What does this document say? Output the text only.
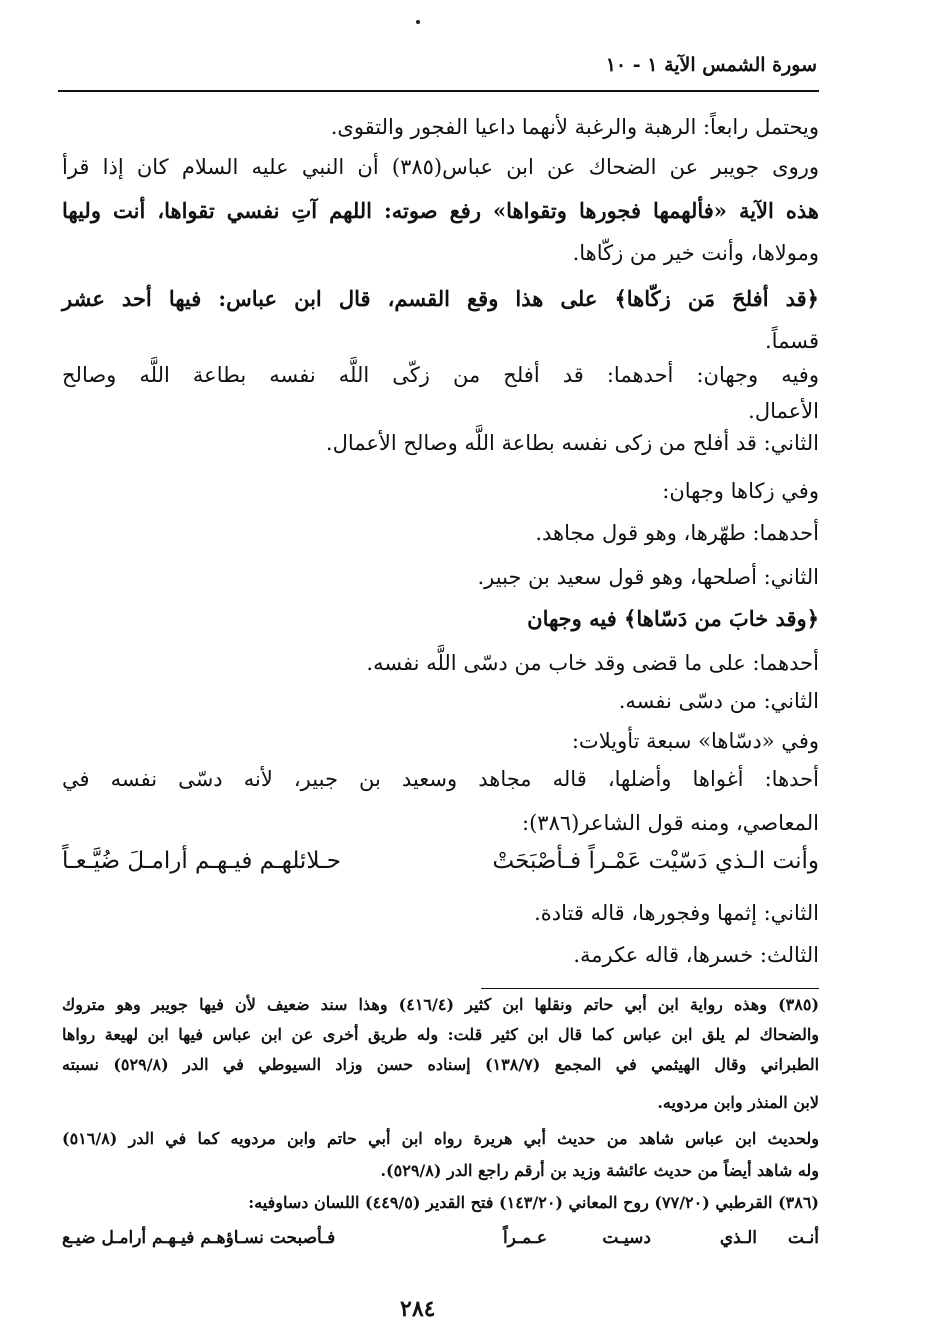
سورة الشمس الآية ١ - ١٠
ويحتمل رابعاً: الرهبة والرغبة لأنهما داعيا الفجور والتقوى.
وروى جويبر عن الضحاك عن ابن عباس(٣٨٥) أن النبي عليه السلام كان إذا قرأ
هذه الآية «فألهمها فجورها وتقواها» رفع صوته: اللهم آتِ نفسي تقواها، أنت وليها
ومولاها، وأنت خير من زكّاها.
﴿قد أفلحَ مَن زكّاها﴾ على هذا وقع القسم، قال ابن عباس: فيها أحد عشر
قسماً.
وفيه وجهان: أحدهما: قد أفلح من زكّى اللَّه نفسه بطاعة اللَّه وصالح
الأعمال.
الثاني: قد أفلح من زكى نفسه بطاعة اللَّه وصالح الأعمال.
وفي زكاها وجهان:
أحدهما: طهّرها، وهو قول مجاهد.
الثاني: أصلحها، وهو قول سعيد بن جبير.
﴿وقد خابَ من دَسّاها﴾ فيه وجهان
أحدهما: على ما قضى وقد خاب من دسّى اللَّه نفسه.
الثاني: من دسّى نفسه.
وفي «دسّاها» سبعة تأويلات:
أحدها: أغواها وأضلها، قاله مجاهد وسعيد بن جبير، لأنه دسّى نفسه في
المعاصي، ومنه قول الشاعر(٣٨٦):
وأنت الـذي دَسّيْت عَمْـراً فـأصْبَحَتْ
حـلائلهـم فيـهـم أرامـلَ ضُيَّـعـاً
الثاني: إثمها وفجورها، قاله قتادة.
الثالث: خسرها، قاله عكرمة.
(٣٨٥) وهذه رواية ابن أبي حاتم ونقلها ابن كثير (٤١٦/٤) وهذا سند ضعيف لأن فيها جويبر وهو متروك
والضحاك لم يلق ابن عباس كما قال ابن كثير قلت: وله طريق أخرى عن ابن عباس فيها ابن لهيعة رواها
الطبراني وقال الهيثمي في المجمع (١٣٨/٧) إسناده حسن وزاد السيوطي في الدر (٥٢٩/٨) نسبته
لابن المنذر وابن مردويه.
ولحديث ابن عباس شاهد من حديث أبي هريرة رواه ابن أبي حاتم وابن مردويه كما في الدر (٥١٦/٨)
وله شاهد أيضاً من حديث عائشة وزيد بن أرقم راجع الدر (٥٢٩/٨).
(٣٨٦) القرطبي (٧٧/٢٠) روح المعاني (١٤٣/٢٠) فتح القدير (٤٤٩/٥) اللسان دساوفيه:
أنـت
الـذي
دسيـت
عـمـراً
فـأصبحت نسـاؤهـم فيـهـم أرامـل ضيـع
٢٨٤
